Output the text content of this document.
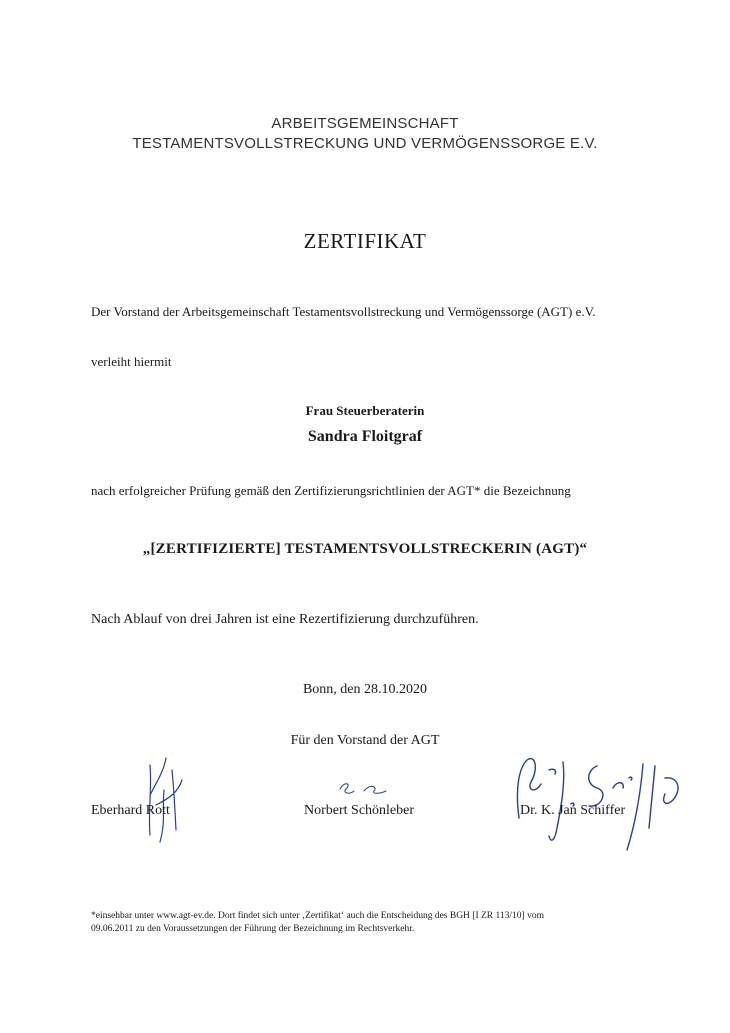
ARBEITSGEMEINSCHAFT
TESTAMENTSVOLLSTRECKUNG UND VERMÖGENSSORGE E.V.
ZERTIFIKAT
Der Vorstand der Arbeitsgemeinschaft Testamentsvollstreckung und Vermögenssorge (AGT) e.V.
verleiht hiermit
Frau Steuerberaterin
Sandra Floitgraf
nach erfolgreicher Prüfung gemäß den Zertifizierungsrichtlinien der AGT* die Bezeichnung
„[ZERTIFIZIERTE] TESTAMENTSVOLLSTRECKERIN (AGT)“
Nach Ablauf von drei Jahren ist eine Rezertifizierung durchzuführen.
Bonn, den 28.10.2020
Für den Vorstand der AGT
Eberhard Rott	Norbert Schönleber	Dr. K. Jan Schiffer
*einsehbar unter www.agt-ev.de. Dort findet sich unter ‚Zertifikat‘ auch die Entscheidung des BGH [I ZR 113/10] vom
09.06.2011 zu den Voraussetzungen der Führung der Bezeichnung im Rechtsverkehr.
